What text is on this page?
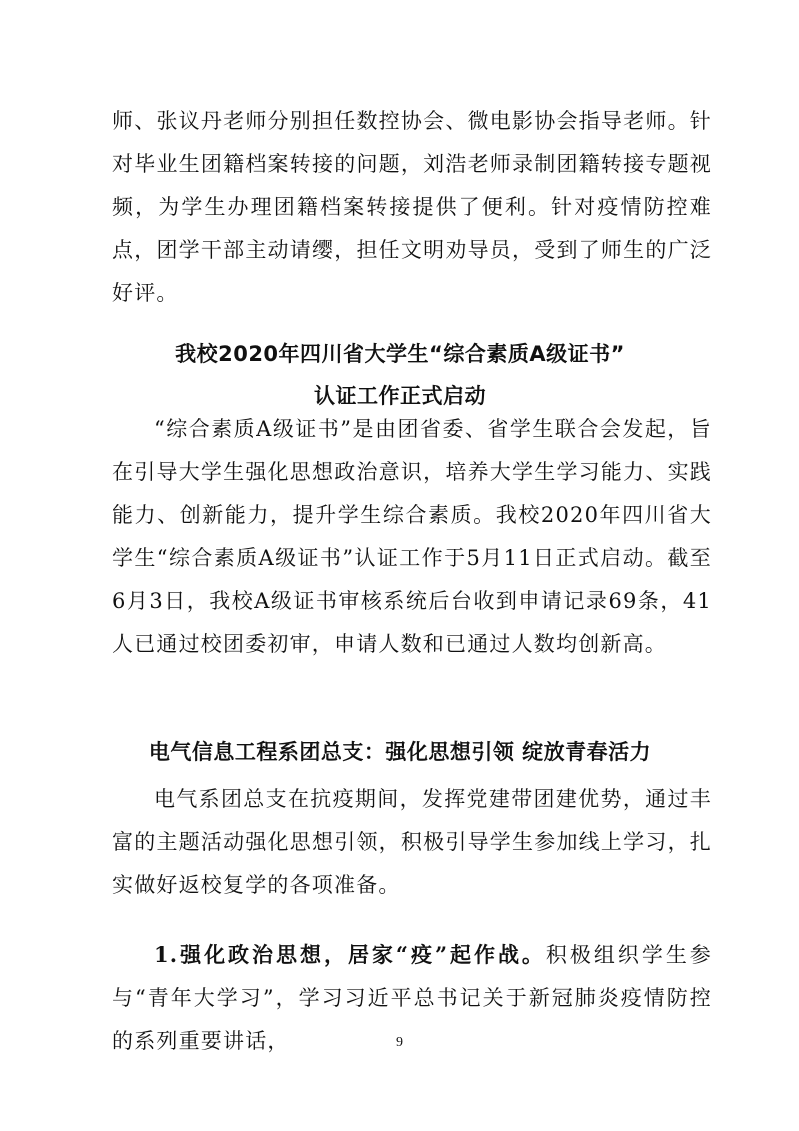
师、张议丹老师分别担任数控协会、微电影协会指导老师。针对毕业生团籍档案转接的问题，刘浩老师录制团籍转接专题视频，为学生办理团籍档案转接提供了便利。针对疫情防控难点，团学干部主动请缨，担任文明劝导员，受到了师生的广泛好评。

我校2020年四川省大学生“综合素质A级证书”
认证工作正式启动

“综合素质A级证书”是由团省委、省学生联合会发起，旨在引导大学生强化思想政治意识，培养大学生学习能力、实践能力、创新能力，提升学生综合素质。我校2020年四川省大学生“综合素质A级证书”认证工作于5月11日正式启动。截至6月3日，我校A级证书审核系统后台收到申请记录69条，41人已通过校团委初审，申请人数和已通过人数均创新高。

电气信息工程系团总支：强化思想引领 绽放青春活力

电气系团总支在抗疫期间，发挥党建带团建优势，通过丰富的主题活动强化思想引领，积极引导学生参加线上学习，扎实做好返校复学的各项准备。

1.强化政治思想，居家“疫”起作战。积极组织学生参与“青年大学习”，学习习近平总书记关于新冠肺炎疫情防控的系列重要讲话，	9
